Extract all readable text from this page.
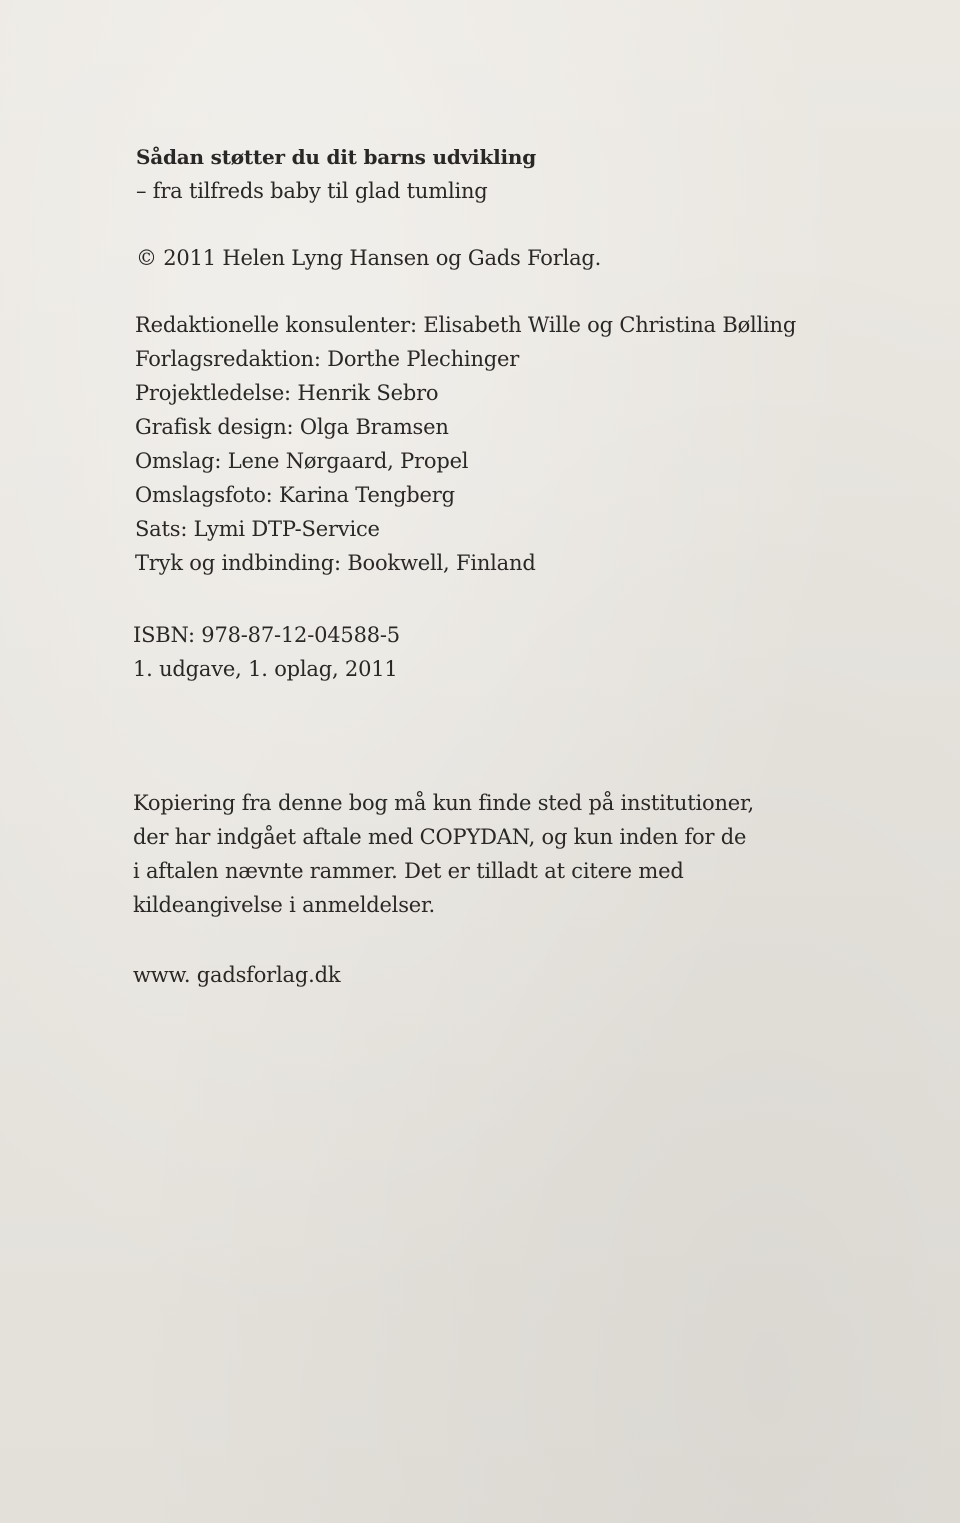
Sådan støtter du dit barns udvikling
– fra tilfreds baby til glad tumling
© 2011 Helen Lyng Hansen og Gads Forlag.
Redaktionelle konsulenter: Elisabeth Wille og Christina Bølling
Forlagsredaktion: Dorthe Plechinger
Projektledelse: Henrik Sebro
Grafisk design: Olga Bramsen
Omslag: Lene Nørgaard, Propel
Omslagsfoto: Karina Tengberg
Sats: Lymi DTP-Service
Tryk og indbinding: Bookwell, Finland
ISBN: 978-87-12-04588-5
1. udgave, 1. oplag, 2011
Kopiering fra denne bog må kun finde sted på institutioner,
der har indgået aftale med COPYDAN, og kun inden for de
i aftalen nævnte rammer. Det er tilladt at citere med
kildeangivelse i anmeldelser.
www. gadsforlag.dk
